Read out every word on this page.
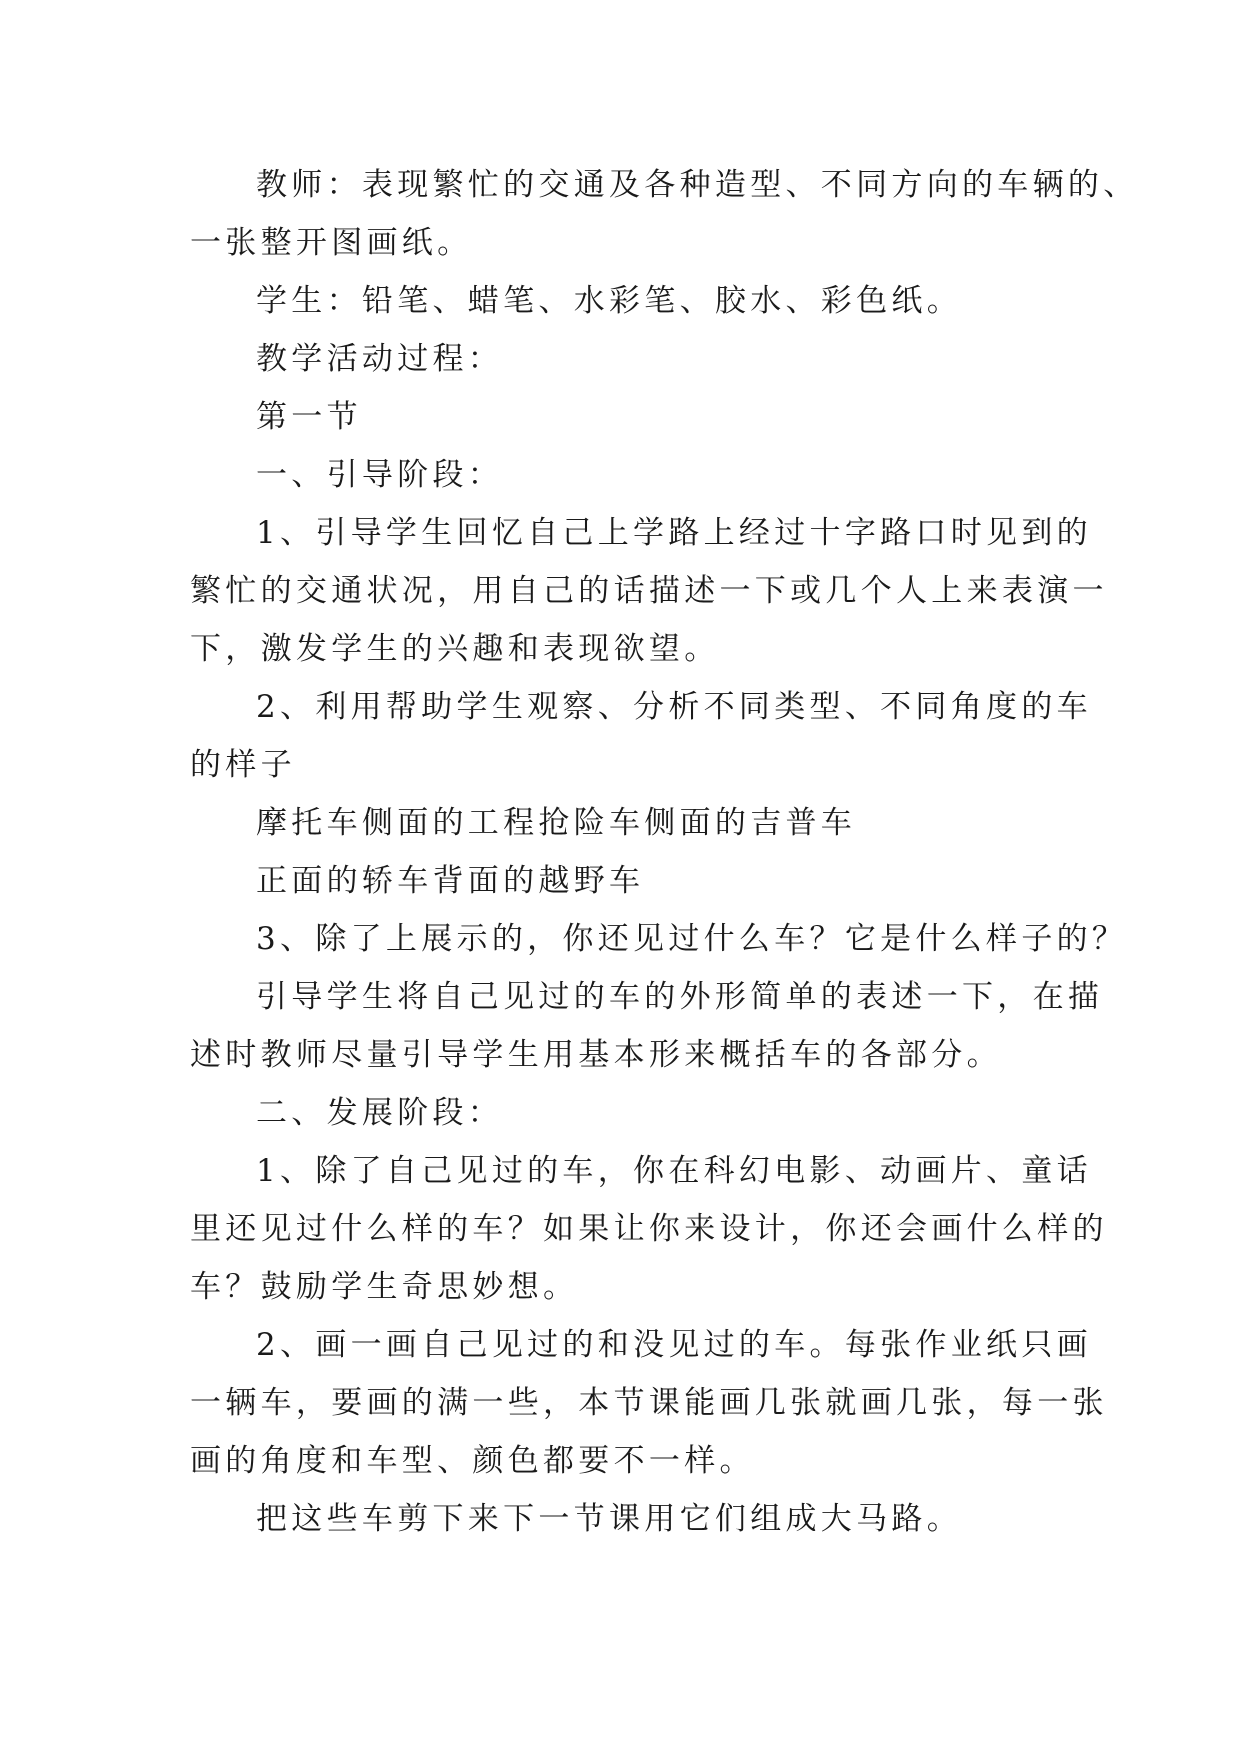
教师：表现繁忙的交通及各种造型、不同方向的车辆的、
一张整开图画纸。
学生：铅笔、蜡笔、水彩笔、胶水、彩色纸。
教学活动过程：
第一节
一、引导阶段：
1、引导学生回忆自己上学路上经过十字路口时见到的
繁忙的交通状况，用自己的话描述一下或几个人上来表演一
下，激发学生的兴趣和表现欲望。
2、利用帮助学生观察、分析不同类型、不同角度的车
的样子
摩托车侧面的工程抢险车侧面的吉普车
正面的轿车背面的越野车
3、除了上展示的，你还见过什么车？它是什么样子的？
引导学生将自己见过的车的外形简单的表述一下，在描
述时教师尽量引导学生用基本形来概括车的各部分。
二、发展阶段：
1、除了自己见过的车，你在科幻电影、动画片、童话
里还见过什么样的车？如果让你来设计，你还会画什么样的
车？鼓励学生奇思妙想。
2、画一画自己见过的和没见过的车。每张作业纸只画
一辆车，要画的满一些，本节课能画几张就画几张，每一张
画的角度和车型、颜色都要不一样。
把这些车剪下来下一节课用它们组成大马路。
